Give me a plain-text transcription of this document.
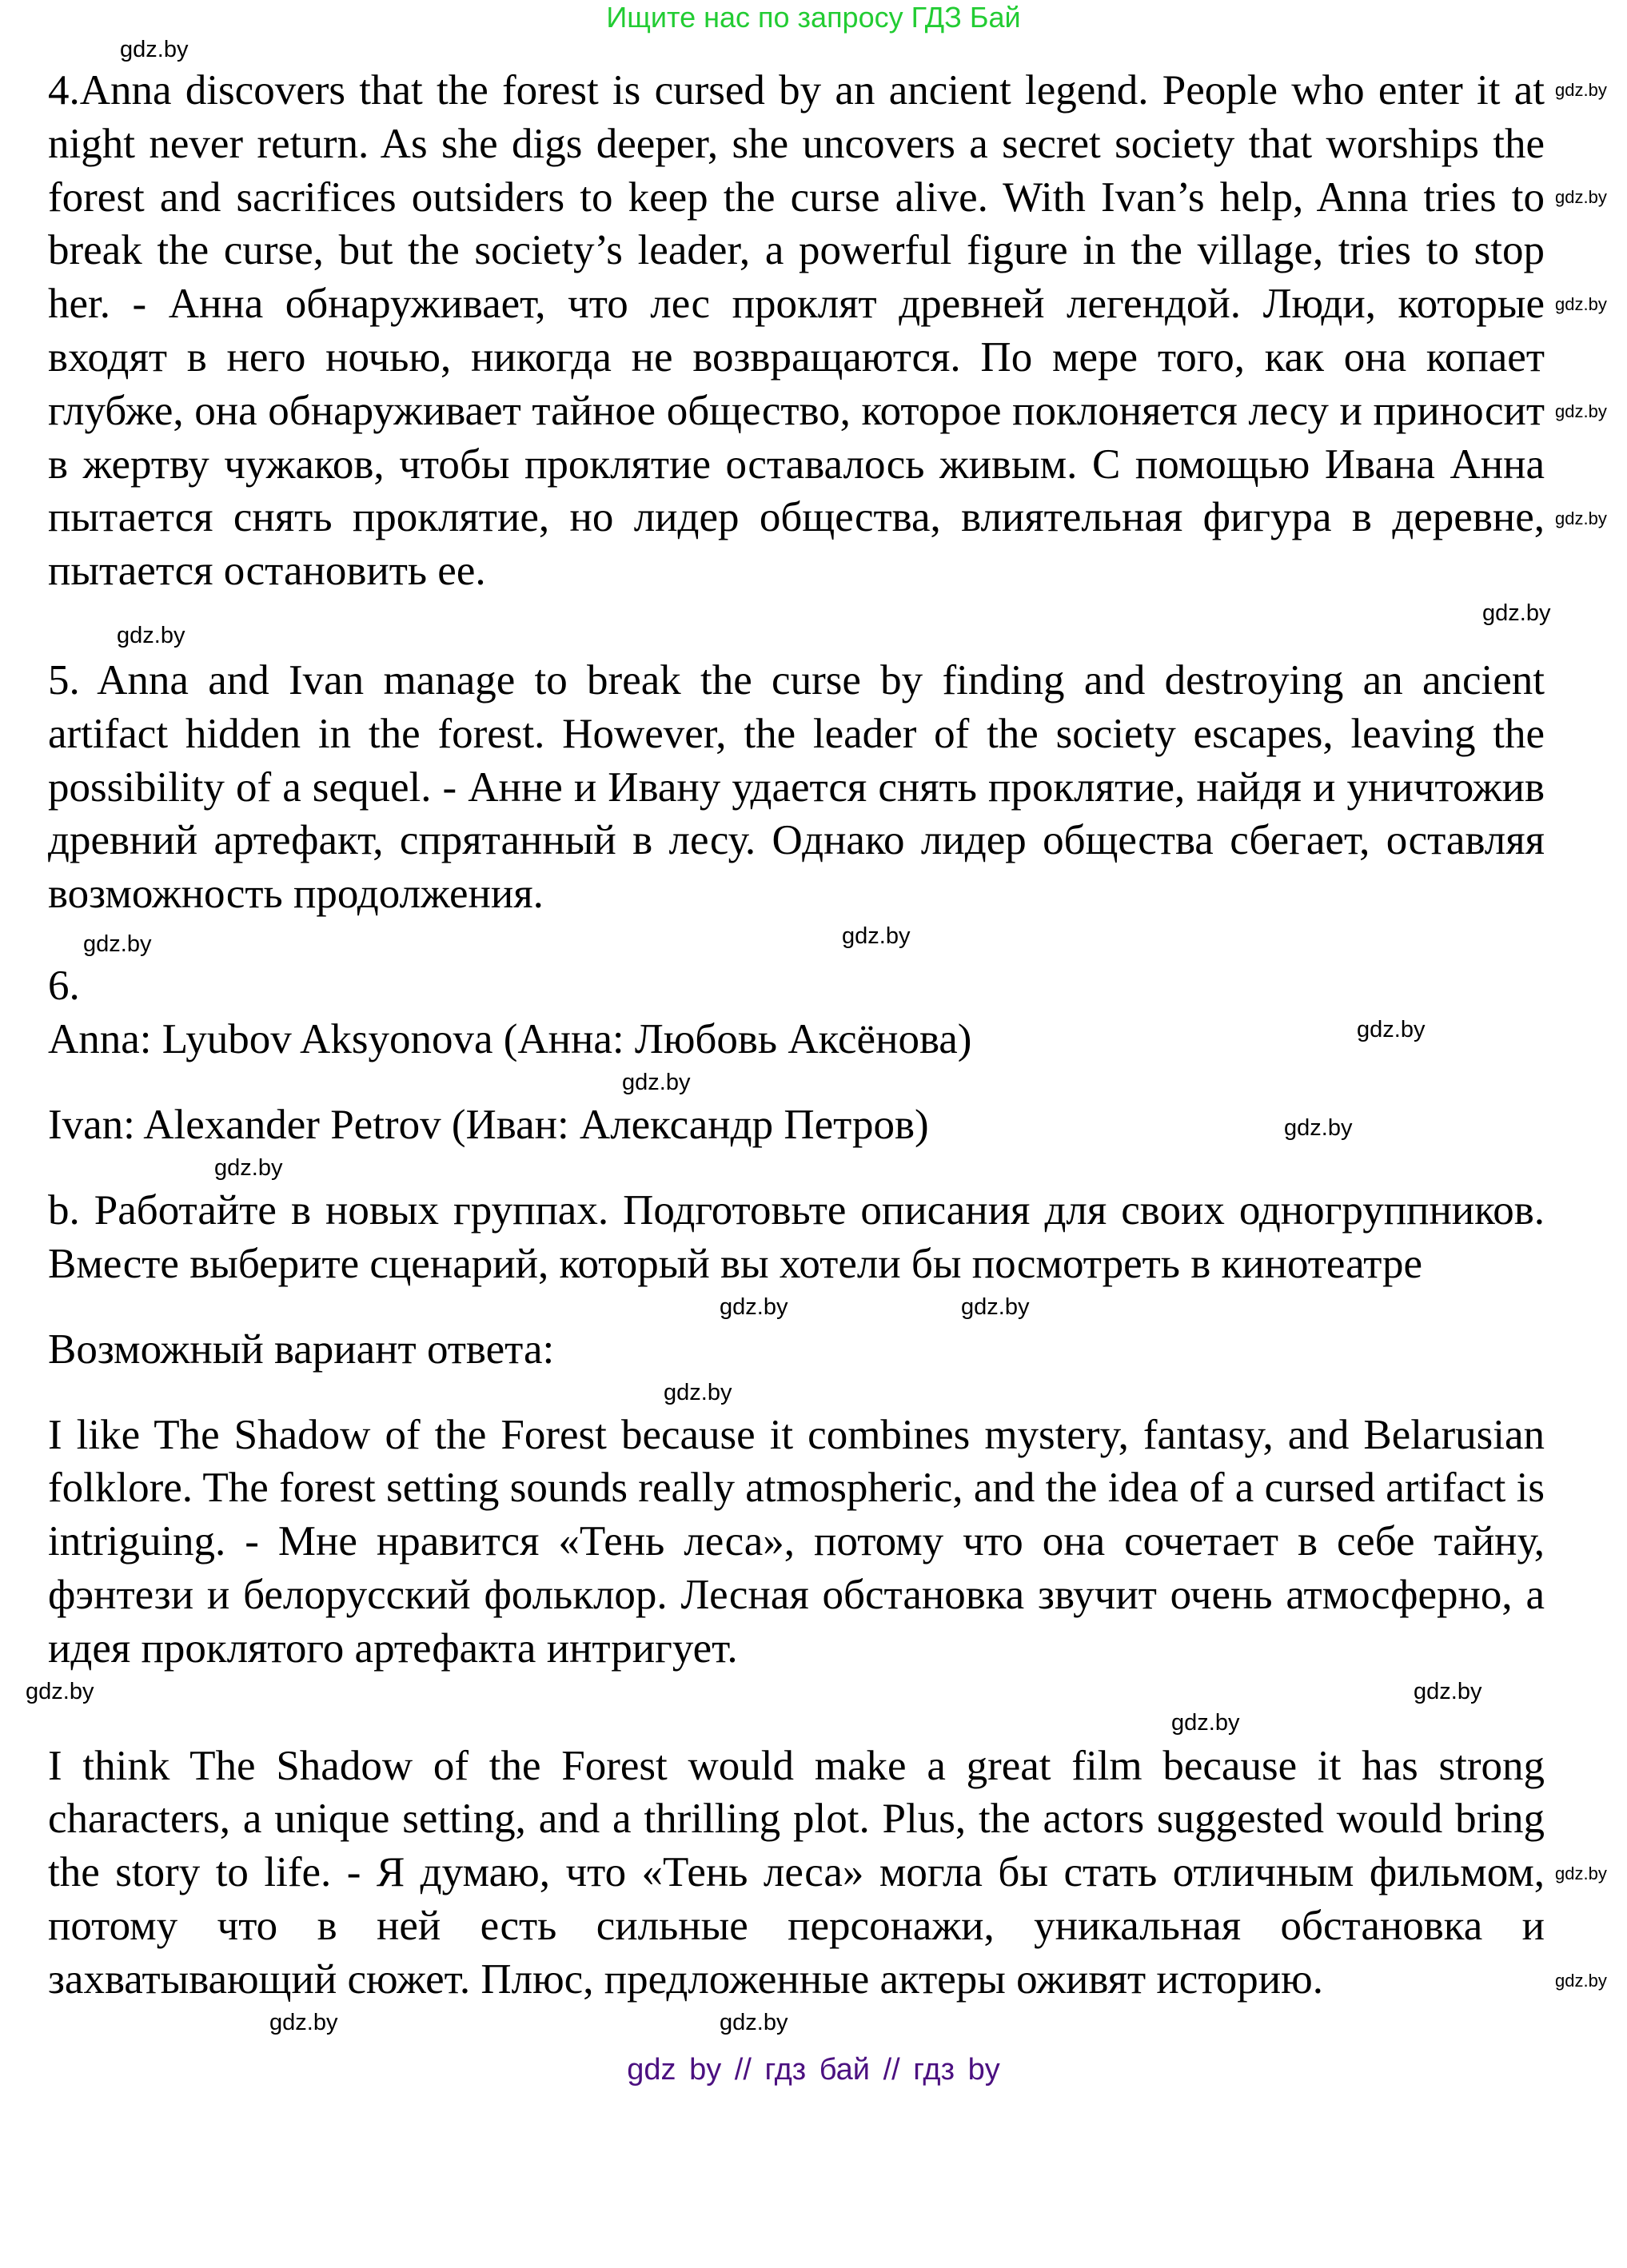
Ищите нас по запросу ГДЗ Бай
gdz.by
4.Anna discovers that the forest is cursed by an ancient legend. People who enter it at night never return. As she digs deeper, she uncovers a secret society that worships the forest and sacrifices outsiders to keep the curse alive. With Ivan’s help, Anna tries to break the curse, but the society’s leader, a powerful figure in the village, tries to stop her. - Анна обнаруживает, что лес проклят древней легендой. Люди, которые входят в него ночью, никогда не возвращаются. По мере того, как она копает глубже, она обнаруживает тайное общество, которое поклоняется лесу и приносит в жертву чужаков, чтобы проклятие оставалось живым. С помощью Ивана Анна пытается снять проклятие, но лидер общества, влиятельная фигура в деревне, пытается остановить ее.
gdz.by
gdz.by
gdz.by
gdz.by
gdz.by
gdz.by
gdz.by
5. Anna and Ivan manage to break the curse by finding and destroying an ancient artifact hidden in the forest. However, the leader of the society escapes, leaving the possibility of a sequel. - Анне и Ивану удается снять проклятие, найдя и уничтожив древний артефакт, спрятанный в лесу. Однако лидер общества сбегает, оставляя возможность продолжения.
gdz.by
gdz.by
6.
Anna: Lyubov Aksyonova (Анна: Любовь Аксёнова)	gdz.by
gdz.by
Ivan: Alexander Petrov (Иван: Александр Петров)	gdz.by
gdz.by
b. Работайте в новых группах. Подготовьте описания для своих одногруппников. Вместе выберите сценарий, который вы хотели бы посмотреть в кинотеатре
gdz.by	gdz.by
Возможный вариант ответа:
gdz.by
I like The Shadow of the Forest because it combines mystery, fantasy, and Belarusian folklore. The forest setting sounds really atmospheric, and the idea of a cursed artifact is intriguing. - Мне нравится «Тень леса», потому что она сочетает в себе тайну, фэнтези и белорусский фольклор. Лесная обстановка звучит очень атмосферно, а идея проклятого артефакта интригует.
gdz.by
gdz.by
gdz.by
I think The Shadow of the Forest would make a great film because it has strong characters, a unique setting, and a thrilling plot. Plus, the actors suggested would bring the story to life. - Я думаю, что «Тень леса» могла бы стать отличным фильмом, потому что в ней есть сильные персонажи, уникальная обстановка и захватывающий сюжет. Плюс, предложенные актеры оживят историю.
gdz.by
gdz.by
gdz.by	gdz.by
gdz by // гдз бай // гдз by
